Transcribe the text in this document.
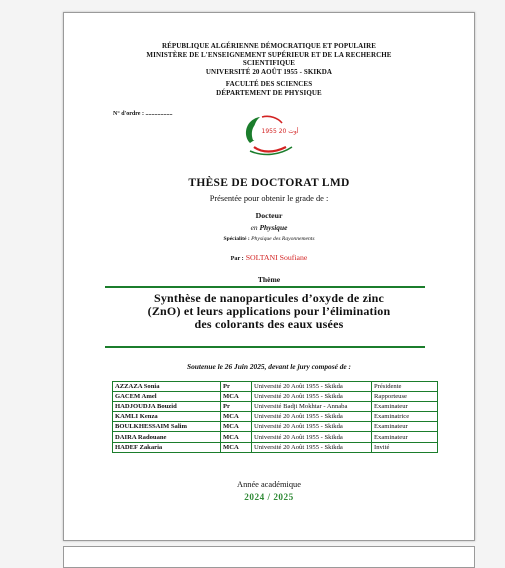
RÉPUBLIQUE ALGÉRIENNE DÉMOCRATIQUE ET POPULAIRE
MINISTÈRE DE L'ENSEIGNEMENT SUPÉRIEUR ET DE LA RECHERCHE
SCIENTIFIQUE
UNIVERSITÉ 20 AOÛT 1955 - SKIKDA
FACULTÉ DES SCIENCES
DÉPARTEMENT DE PHYSIQUE
N° d'ordre : ..................
1955 أوت 20
THÈSE DE DOCTORAT LMD
Présentée pour obtenir le grade de :
Docteur
en Physique
Spécialité : Physique des Rayonnements
Par : SOLTANI Soufiane
Thème
Synthèse de nanoparticules d’oxyde de zinc
(ZnO) et leurs applications pour l’élimination
des colorants des eaux usées
Soutenue le 26 Juin 2025, devant le jury composé de :
AZZAZA Sonia	Pr	Université 20 Août 1955 - Skikda	Présidente
GACEM Amel	MCA	Université 20 Août 1955 - Skikda	Rapporteuse
HADJOUDJA Bouzid	Pr	Université Badji Mokhtar - Annaba	Examinateur
KAMLI Kenza	MCA	Université 20 Août 1955 - Skikda	Examinatrice
BOULKHESSAIM Salim	MCA	Université 20 Août 1955 - Skikda	Examinateur
DAIRA Radouane	MCA	Université 20 Août 1955 - Skikda	Examinateur
HADEF Zakaria	MCA	Université 20 Août 1955 - Skikda	Invité
Année académique
2024 / 2025
